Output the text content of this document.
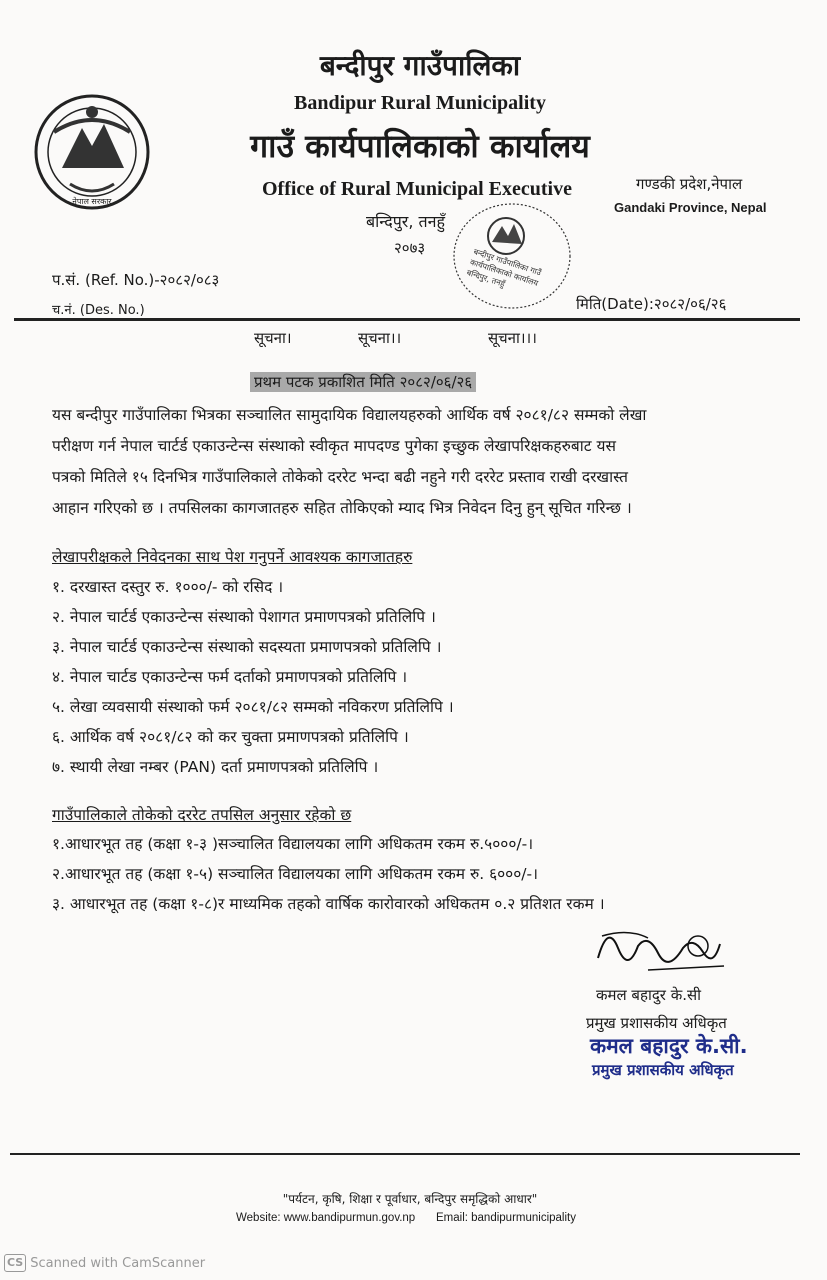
नेपाल सरकार
बन्दीपुर गाउँपालिका
Bandipur Rural Municipality
गाउँ कार्यपालिकाको कार्यालय
Office of Rural Municipal Executive
बन्दिपुर, तनहुँ
२०७३
गण्डकी प्रदेश,नेपाल
Gandaki Province, Nepal
बन्दीपुर गाउँपालिका गाउँ कार्यपालिकाको कार्यालय बन्दिपुर, तनहुँ
प.सं. (Ref. No.)-२०८२/०८३
च.नं. (Des. No.)	मिति(Date):२०८२/०६/२६
सूचना।	सूचना।।	सूचना।।।
प्रथम पटक प्रकाशित मिति २०८२/०६/२६
यस बन्दीपुर गाउँपालिका भित्रका सञ्चालित सामुदायिक विद्यालयहरुको आर्थिक वर्ष २०८१/८२ सम्मको लेखा
परीक्षण गर्न नेपाल चार्टर्ड एकाउन्टेन्स संस्थाको स्वीकृत मापदण्ड पुगेका इच्छुक लेखापरिक्षकहरुबाट यस
पत्रको मितिले १५ दिनभित्र गाउँपालिकाले तोकेको दररेट भन्दा बढी नहुने गरी दररेट प्रस्ताव राखी दरखास्त
आहान गरिएको छ । तपसिलका कागजातहरु सहित तोकिएको म्याद भित्र निवेदन दिनु हुन् सूचित गरिन्छ ।
लेखापरीक्षकले निवेदनका साथ पेश गनुपर्ने आवश्यक कागजातहरु
१. दरखास्त दस्तुर रु. १०००/- को रसिद ।
२. नेपाल चार्टर्ड एकाउन्टेन्स संस्थाको पेशागत प्रमाणपत्रको प्रतिलिपि ।
३. नेपाल चार्टर्ड एकाउन्टेन्स संस्थाको सदस्यता प्रमाणपत्रको प्रतिलिपि ।
४. नेपाल चार्टड एकाउन्टेन्स फर्म दर्ताको प्रमाणपत्रको प्रतिलिपि ।
५. लेखा व्यवसायी संस्थाको फर्म २०८१/८२ सम्मको नविकरण प्रतिलिपि ।
६. आर्थिक वर्ष २०८१/८२ को कर चुक्ता प्रमाणपत्रको प्रतिलिपि ।
७. स्थायी लेखा नम्बर (PAN) दर्ता प्रमाणपत्रको प्रतिलिपि ।
गाउँपालिकाले तोकेको दररेट तपसिल अनुसार रहेको छ
१.आधारभूत तह (कक्षा १-३ )सञ्चालित विद्यालयका लागि अधिकतम रकम रु.५०००/-।
२.आधारभूत तह (कक्षा १-५) सञ्चालित विद्यालयका लागि अधिकतम रकम रु. ६०००/-।
३. आधारभूत तह (कक्षा १-८)र माध्यमिक तहको वार्षिक कारोवारको अधिकतम ०.२ प्रतिशत रकम ।
कमल बहादुर के.सी
प्रमुख प्रशासकीय अधिकृत
कमल बहादुर के.सी.
प्रमुख प्रशासकीय अधिकृत
"पर्यटन, कृषि, शिक्षा र पूर्वाधार, बन्दिपुर समृद्धिको आधार"
Website: www.bandipurmun.gov.np Email: bandipurmunicipality
CS Scanned with CamScanner
